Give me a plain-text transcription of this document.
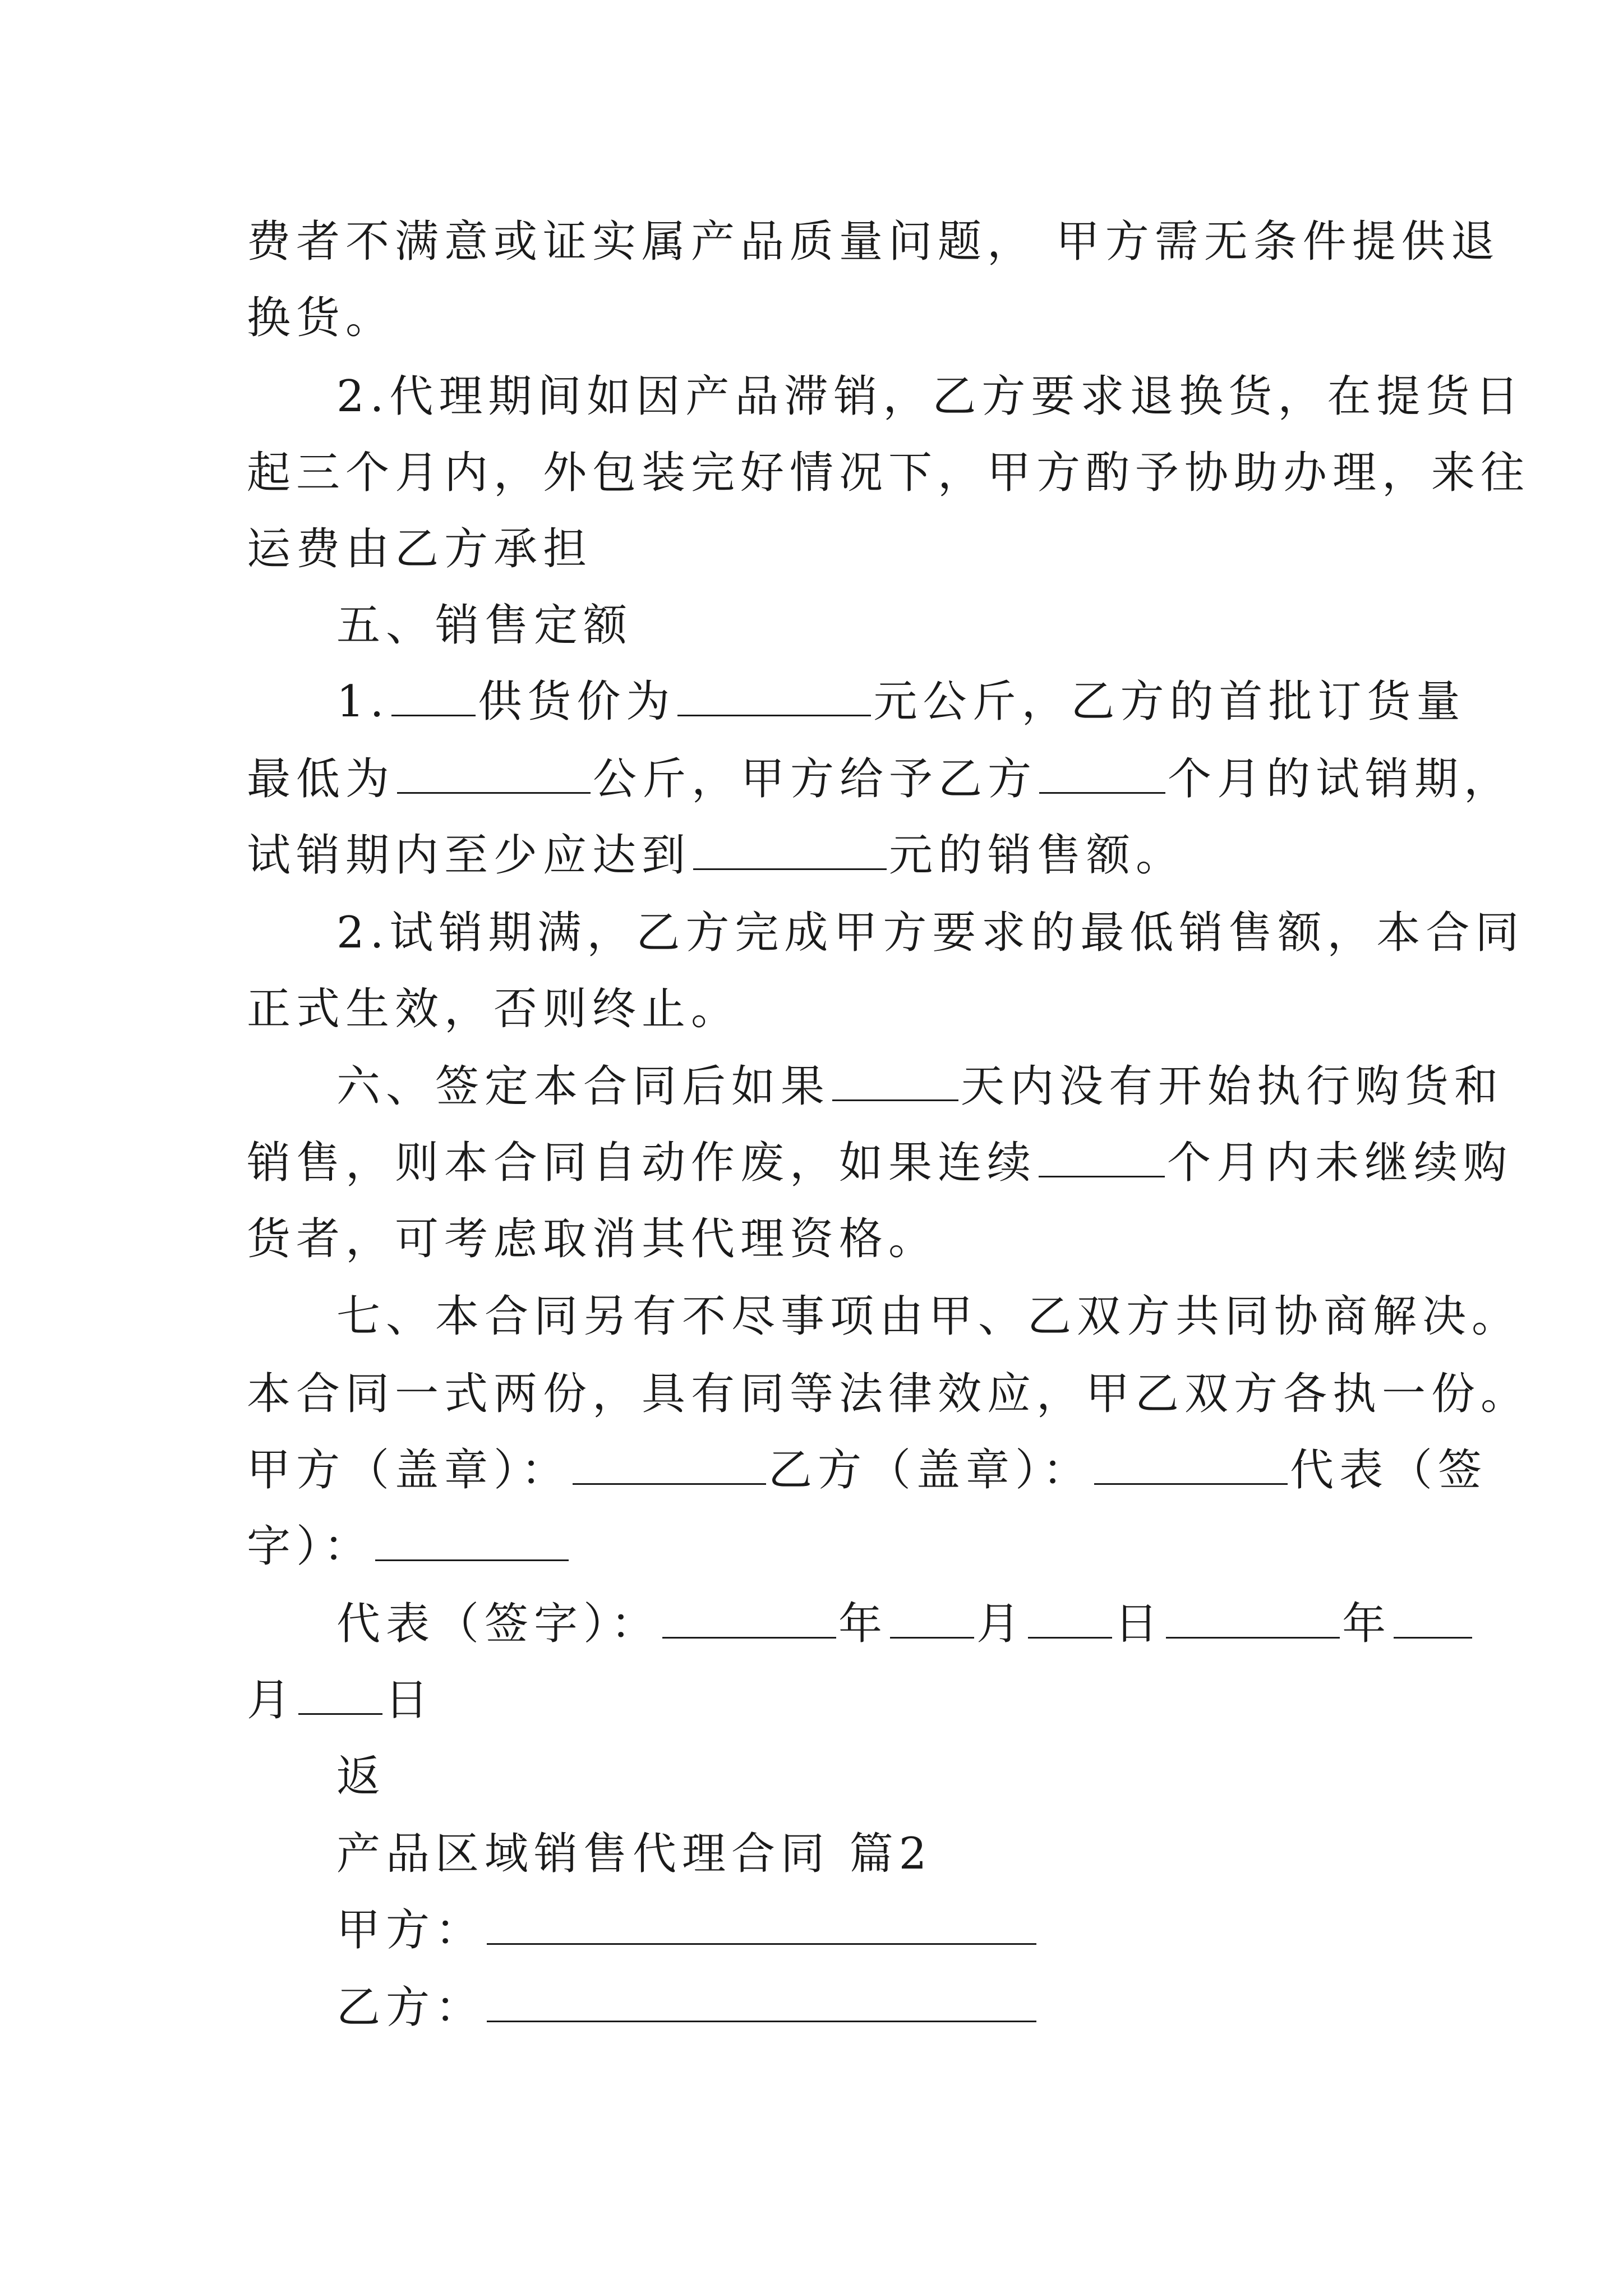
费者不满意或证实属产品质量问题， 甲方需无条件提供退
换货。
2.代理期间如因产品滞销，乙方要求退换货，在提货日
起三个月内，外包装完好情况下，甲方酌予协助办理，来往
运费由乙方承担
五、销售定额
1. 供货价为	元公斤，乙方的首批订货量
最低为	公斤，甲方给予乙方	个月的试销期，
试销期内至少应达到	元的销售额。
2.试销期满，乙方完成甲方要求的最低销售额，本合同
正式生效，否则终止。
六、签定本合同后如果	天内没有开始执行购货和
销售，则本合同自动作废，如果连续	个月内未继续购
货者，可考虑取消其代理资格。
七、本合同另有不尽事项由甲、乙双方共同协商解决。
本合同一式两份，具有同等法律效应，甲乙双方各执一份。
甲方（盖章）：	乙方（盖章）：	代表（签
字）：
代表（签字）：	年 月 日	年
月 日
返
产品区域销售代理合同 篇2
甲方：
乙方：
